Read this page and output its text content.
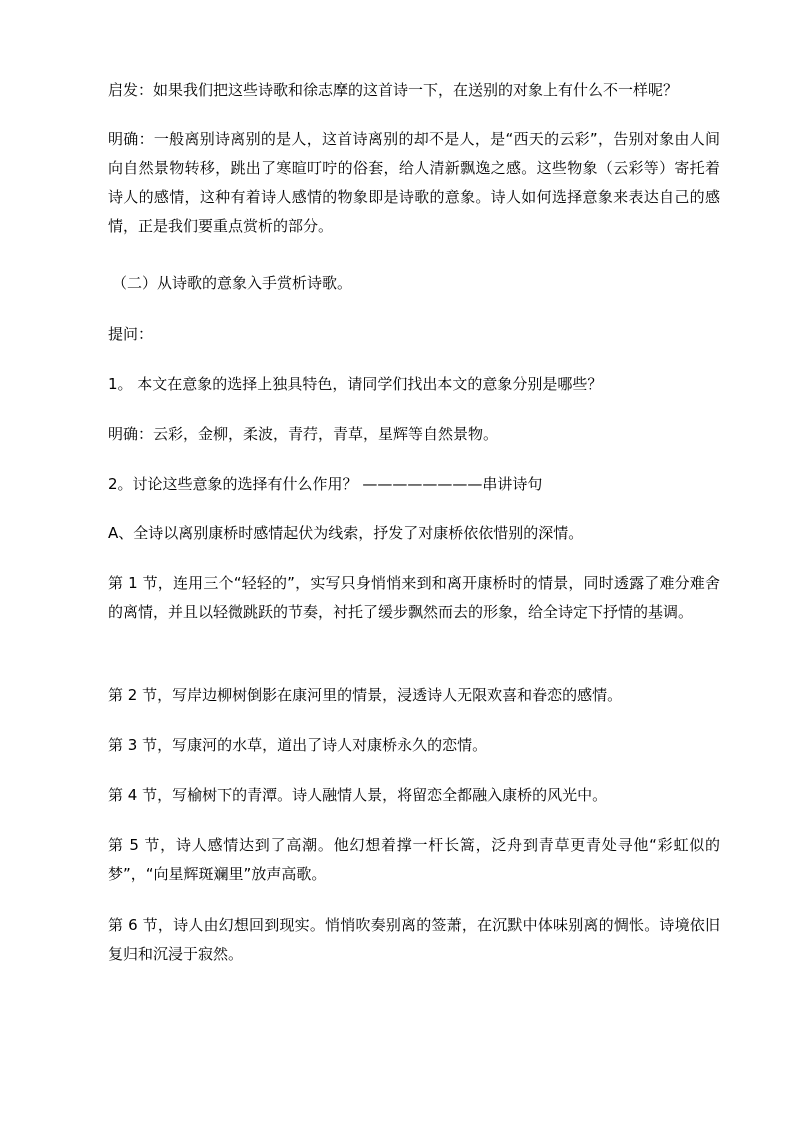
启发：如果我们把这些诗歌和徐志摩的这首诗一下，在送别的对象上有什么不一样呢？

明确：一般离别诗离别的是人，这首诗离别的却不是人，是“西天的云彩”，告别对象由人间向自然景物转移，跳出了寒暄叮咛的俗套，给人清新飘逸之感。这些物象（云彩等）寄托着诗人的感情，这种有着诗人感情的物象即是诗歌的意象。诗人如何选择意象来表达自己的感情，正是我们要重点赏析的部分。

（二）从诗歌的意象入手赏析诗歌。

提问：

1。 本文在意象的选择上独具特色，请同学们找出本文的意象分别是哪些？

明确：云彩，金柳，柔波，青荇，青草，星辉等自然景物。

2。讨论这些意象的选择有什么作用？ ————————串讲诗句

A、全诗以离别康桥时感情起伏为线索，抒发了对康桥依依惜别的深情。

第 1 节，连用三个“轻轻的”，实写只身悄悄来到和离开康桥时的情景，同时透露了难分难舍的离情，并且以轻微跳跃的节奏，衬托了缓步飘然而去的形象，给全诗定下抒情的基调。

第 2 节，写岸边柳树倒影在康河里的情景，浸透诗人无限欢喜和眷恋的感情。

第 3 节，写康河的水草，道出了诗人对康桥永久的恋情。

第 4 节，写榆树下的青潭。诗人融情人景，将留恋全都融入康桥的风光中。

第 5 节，诗人感情达到了高潮。他幻想着撑一杆长篙，泛舟到青草更青处寻他“彩虹似的梦”，“向星辉斑斓里”放声高歌。

第 6 节，诗人由幻想回到现实。悄悄吹奏别离的签萧，在沉默中体味别离的惆怅。诗境依旧复归和沉浸于寂然。
